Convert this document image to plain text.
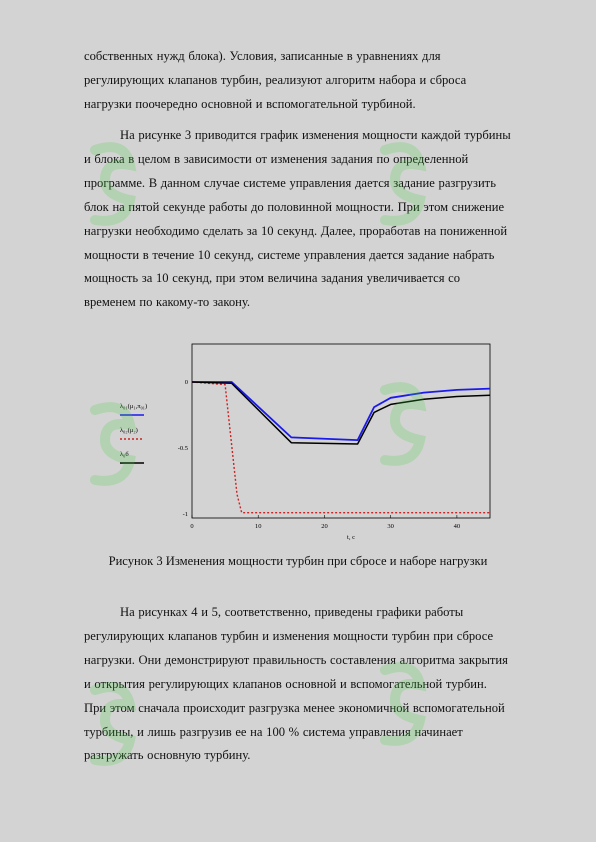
собственных нужд блока). Условия, записанные в уравнениях для
регулирующих клапанов турбин, реализуют алгоритм набора и сброса
нагрузки поочередно основной и вспомогательной турбиной.
На рисунке 3 приводится график изменения мощности каждой турбины
и блока в целом в зависимости от изменения задания по определенной
программе. В данном случае системе управления дается задание разгрузить
блок на пятой секунде работы до половинной мощности. При этом снижение
нагрузки необходимо сделать за 10 секунд. Далее, проработав на пониженной
мощности в течение 10 секунд, системе управления дается задание набрать
мощность за 10 секунд, при этом величина задания увеличивается со
временем по какому-то закону.
λ₀₁(μ₁,π₀₁)
λ₀₂(μ₂)
λ₀б
0	10	20	30	40
0
-0.5
-1
t, с
Рисунок 3 Изменения мощности турбин при сбросе и наборе нагрузки
На рисунках 4 и 5, соответственно, приведены графики работы
регулирующих клапанов турбин и изменения мощности турбин при сбросе
нагрузки. Они демонстрируют правильность составления алгоритма закрытия
и открытия регулирующих клапанов основной и вспомогательной турбин.
При этом сначала происходит разгрузка менее экономичной вспомогательной
турбины, и лишь разгрузив ее на 100 % система управления начинает
разгружать основную турбину.
